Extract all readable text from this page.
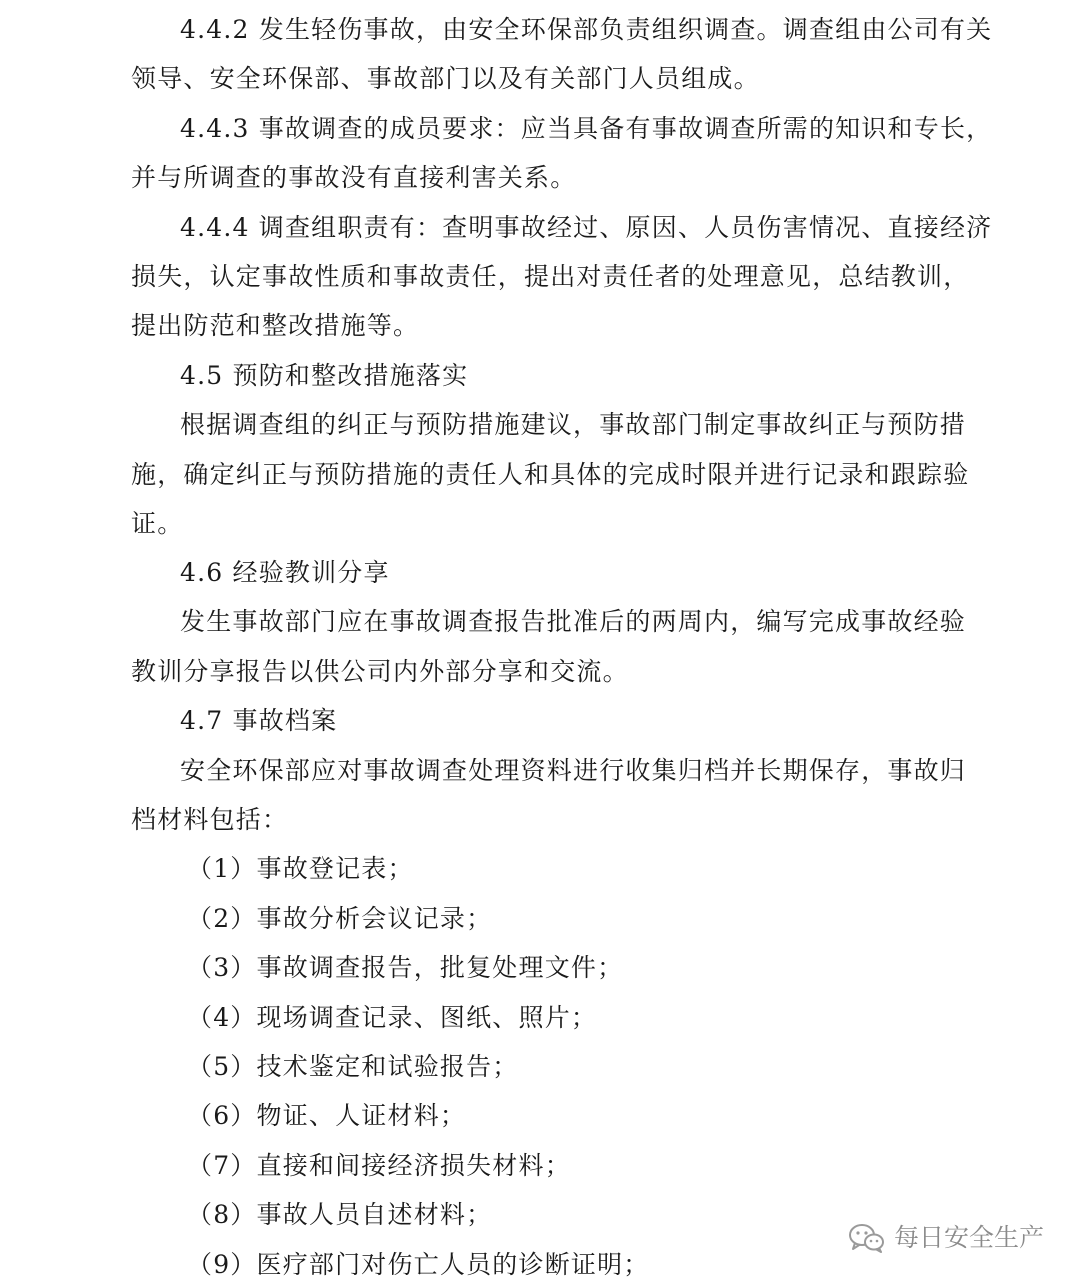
4.4.2 发生轻伤事故，由安全环保部负责组织调查。调查组由公司有关
领导、安全环保部、事故部门以及有关部门人员组成。
4.4.3 事故调查的成员要求：应当具备有事故调查所需的知识和专长，
并与所调查的事故没有直接利害关系。
4.4.4 调查组职责有：查明事故经过、原因、人员伤害情况、直接经济
损失，认定事故性质和事故责任，提出对责任者的处理意见，总结教训，
提出防范和整改措施等。
4.5 预防和整改措施落实
根据调查组的纠正与预防措施建议，事故部门制定事故纠正与预防措
施，确定纠正与预防措施的责任人和具体的完成时限并进行记录和跟踪验
证。
4.6 经验教训分享
发生事故部门应在事故调查报告批准后的两周内，编写完成事故经验
教训分享报告以供公司内外部分享和交流。
4.7 事故档案
安全环保部应对事故调查处理资料进行收集归档并长期保存，事故归
档材料包括：
（1）事故登记表；
（2）事故分析会议记录；
（3）事故调查报告，批复处理文件；
（4）现场调查记录、图纸、照片；
（5）技术鉴定和试验报告；
（6）物证、人证材料；
（7）直接和间接经济损失材料；
（8）事故人员自述材料；
（9）医疗部门对伤亡人员的诊断证明；
每日安全生产
